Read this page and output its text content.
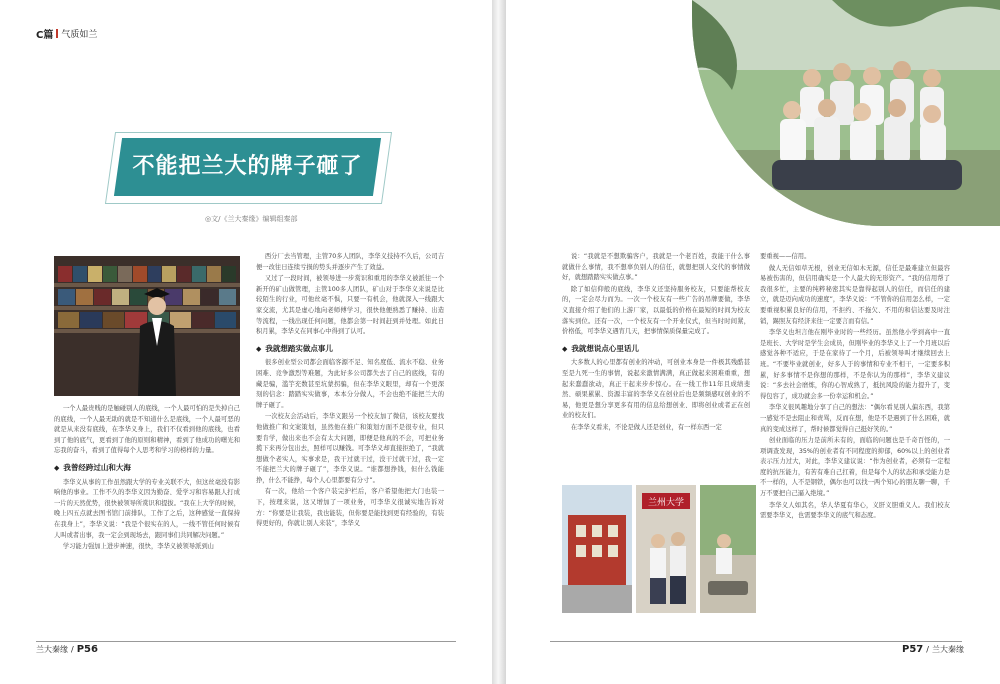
C篇 气质如兰
不能把兰大的牌子砸了
◎文/《兰大秦缘》编辑组秦部

一个人最贵贱的是触碰别人的底线，一个人最可怕的是失掉自己的底线，一个人最无助的就是不知道什么是底线，一个人最可恶的就是从来没有底线，在李华义身上，我们不仅看到他的底线，也看到了他的底气，更看到了他的原则和精神，看到了他成功的曙光和忘我的奋斗，看到了值得每个人思考和学习的榜样的力量。

◆ 我曾经跨过山和大海

李华义从事的工作虽然跟大学的专业关联不大，但这丝毫没有影响他的事业。工作不久的李华义因为勤奋、爱学习和容易跟人打成一片的天然优势，很快被领导所赏识和提拔。“我在上大学的时候，晚上四五点就去图书馆门前排队，工作了之后，这种感觉一直保持在我身上”，李华义说：“我是个很实在的人，一线不管任何时候有人叫或者出事，我一定会到现场去，跟同事们共同解决问题。”

学习能力强加上进步神速，很快，李华义被领导派到山

西分厂去当管理，主管70多人团队，李华义技持不久后，公司吉便一改往日连续亏损的势头并逐步产生了效益。

又过了一段时间，被领导进一步赏识和重用的李华义被派往一个新开的矿山做管理，主管100多人团队，矿山对于李华义来说是比较陌生的行业，可他丝毫不惧，只要一有机会，他就深入一线跟大家交流，尤其是虚心地向老师傅学习，很快他便熟悉了赚持、出造等流程，一线出现任何问题，他都会第一时间赶到并处理。如此日积月累，李华义在同事心中得到了认可。

◆ 我就想踏实做点事儿

很多创业型公司都会面临客源不足、知名度低、流水不稳、业务困难、竞争激烈等难题，为此好多公司都失去了自己的底线，有的藏是骗，滥竽充数甚至坑蒙拐骗，但在李华义眼里，却有一个更深刻的信念：踏踏实实做事，本本分分做人，不会也绝不能把兰大的牌子砸了。

一次校友会活动后，李华义跟另一个校友加了微信，该校友要找他做推广和文案策划，虽然他在推广和策划方面不是很专业，但只要肯学，做出来也不会有太大问题，即便是他真的不会，可把业务揽下来再分包出去，照样可以赚钱。可李华义却直接拒绝了，“我就想做个老实人，实事求是，我干过就干过，没干过就干过，我一定不能把兰大的牌子砸了”，李华义说。“谁都想挣钱，但什么钱能挣，什么不能挣，每个人心里都要有分寸”。

有一次，他给一个客户装完护栏后，客户希望他把大门也装一下，按理来说，这又增加了一项业务，可李华义很诚实地告诉对方：“你要是让我装，我也能装，但你要是能找到更有经验的，有装得更好的，你就让别人来装”，李华义

兰大秦缘 / P56

说：“我就是不想欺骗客户，我就是一个老百姓，我能干什么事就做什么事情，我不想辜负别人的信任，就想把别人交代的事情做好，就想踏踏实实做点事。”

除了如信仰般的底线，李华义还坚持服务校友，只要能帮校友的，一定会尽力而为。一次一个校友有一些广告的吊牌要做，李华义直接介绍了他们的上游厂家，以最低的价格在最短的时间为校友落实到位。还有一次，一个校友有一个开业仪式，但当时时间紧，价格低，可李华义遇宵几天，把事情保质保量完成了。

◆ 我就想说点心里话儿

大多数人的心里都有创业的冲动，可创业本身是一件极其残酷甚至是九死一生的事情，说起来激情满满，真正做起来困难重重，想起来蠢蠢欲动，真正干起来步步惊心。在一线工作11年且成绩斐然、硕果累累、资源丰富的李华义在创业后也是频频感叹创业的不易，他更是想分享更多有用的信息给想创业、即将创业或者正在创业的校友们。

在李华义看来，不论是做人还是创业，有一样东西一定

要重视——信用。

做人无信如草无根，创业无信如木无源，信任是最难建立但最容易被伤害的，但信用确实是一个人最大的无形资产。“我的信用帮了我很多忙，主要的纯粹秘密其实是靠得起别人的信任，而信任的建立，就是迈向成功的速度”，李华义说：“不管你的信用怎么样，一定要重视积累良好的信用，不拒约、不拖欠、不用的和信达要及时注销，踢照友有经济来往一定要言而有信。”

李华义也坦言他在刚毕业时的一些经历。虽然他小学到高中一直是班长、大学时是学生会成员，但刚毕业的李华义上了一个月班以后感觉各种不适应，于是在家待了一个月，后被领导叫才继续回去上班。“不要毕业就创业，好多人于的事情和专业不相干，一定要多积累，好多事情不是你想的那样，不是你认为的那样”，李华义建议说：“多去社会磨炼，你的心智成熟了，抵抗风险的能力提升了，变得包容了，成功就会多一份幸运和机会。”

李华义很风趣地分享了自己的想法：“偶尔看见别人偏东西，我第一感觉不是去阻止和责骂，反而在想，他是不是遇到了什么困难，就真的变成这样了，帮时候都觉得自己挺好笑的。”

创业面临的压力是前所未有的，面临的问题也是千奇百怪的，一项调查发现，35%的创业者有不同程度的抑郁，60%以上的创业者表示压力过大，对此，李华义建议说：“作为创业者，必须有一定程度的抗压能力，有苦有难自己扛着，但是每个人的状态和承受能力是不一样的，人不是钢铁，偶尔也可以找一两个知心的朋友聊一聊，千万不要把自己逼入绝境。”

李华义人如其名，华人华夏有华心，义肝义胆重义人。我们校友需要李华义，也需要李华义的底气和态度。

P57 / 兰大秦缘
兰州大学
